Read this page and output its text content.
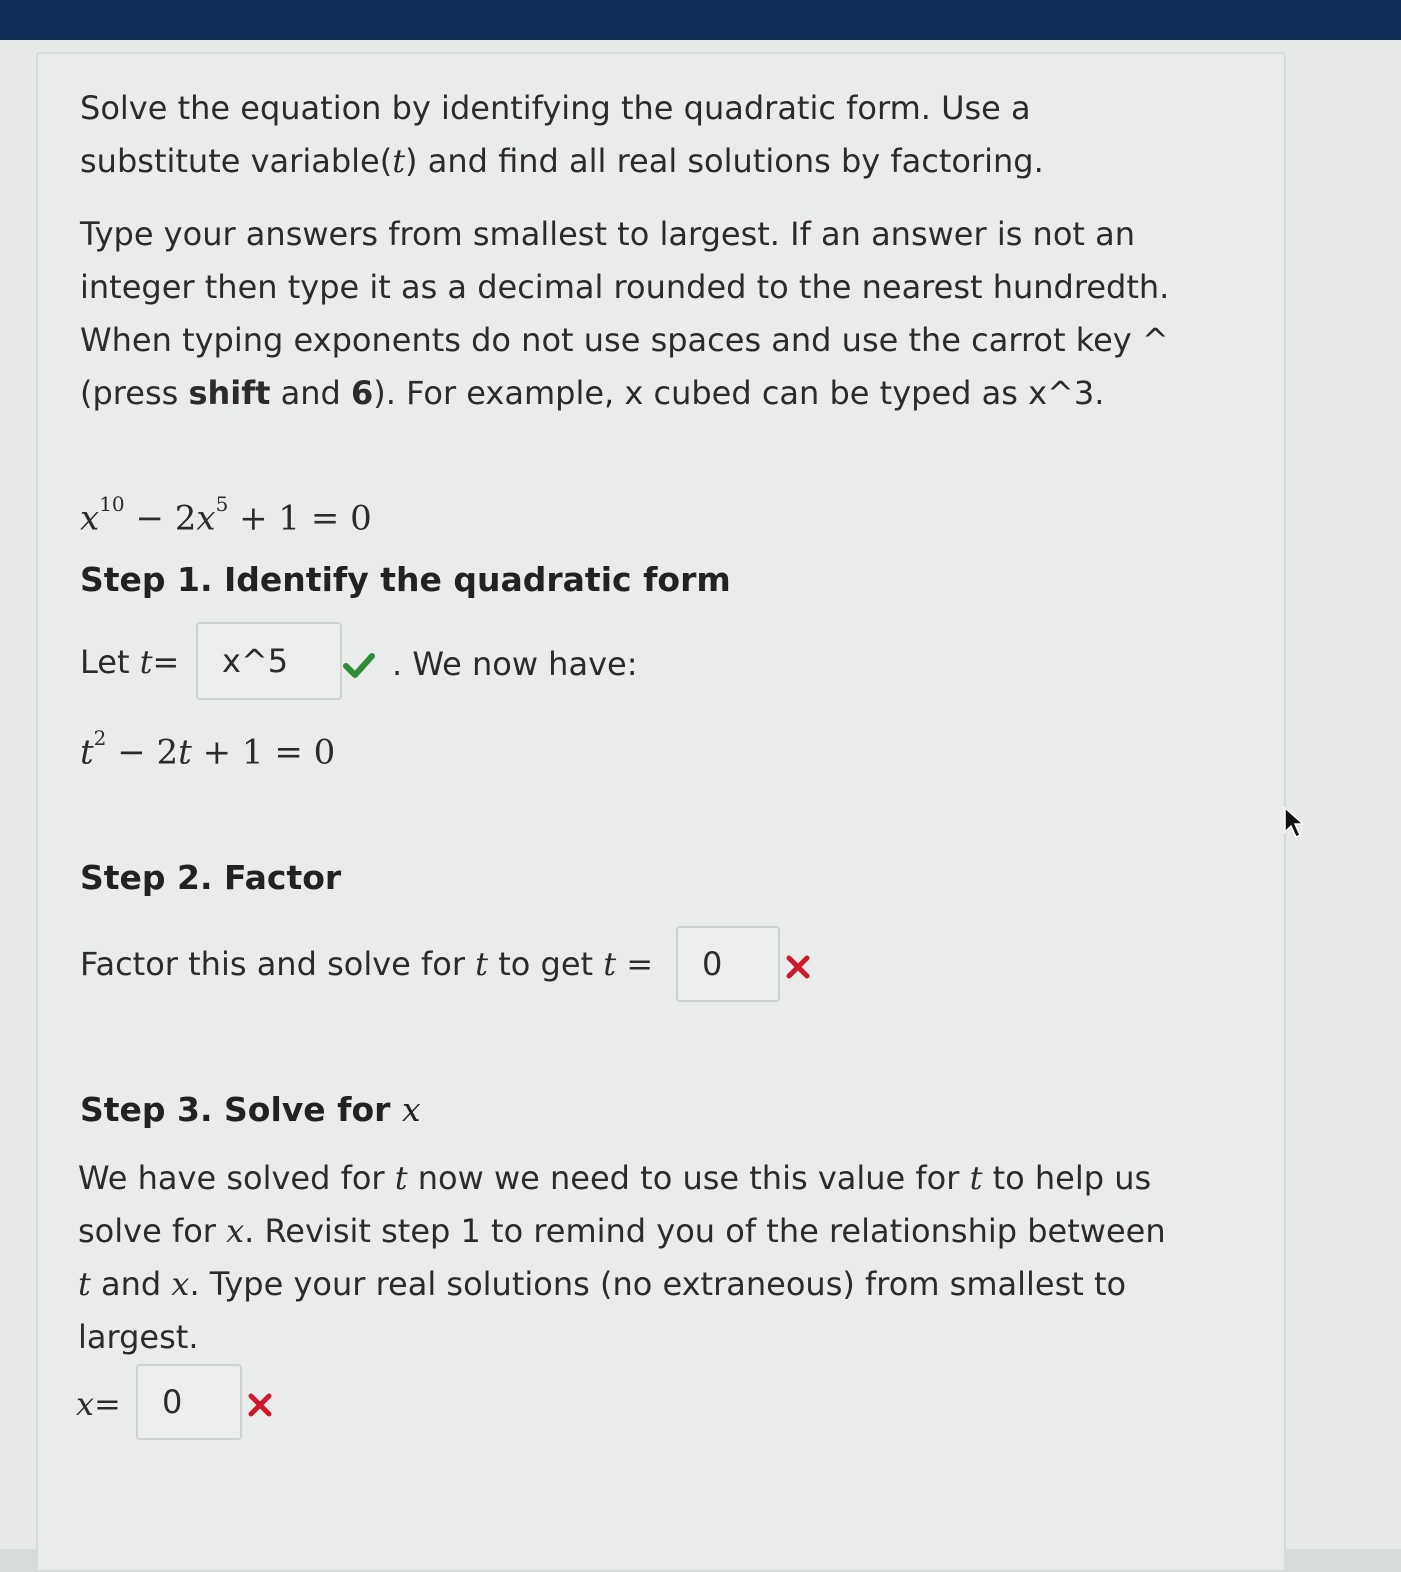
Solve the equation by identifying the quadratic form. Use a
substitute variable(t) and find all real solutions by factoring.
Type your answers from smallest to largest. If an answer is not an
integer then type it as a decimal rounded to the nearest hundredth.
When typing exponents do not use spaces and use the carrot key ^
(press shift and 6). For example, x cubed can be typed as x^3.
$x^{10} - 2x^5 + 1 = 0$
Step 1. Identify the quadratic form
Let t=	x^5	. We now have:
$t^2 - 2t + 1 = 0$
Step 2. Factor
Factor this and solve for t to get t =	0
Step 3. Solve for x
We have solved for t now we need to use this value for t to help us
solve for x. Revisit step 1 to remind you of the relationship between
t and x. Type your real solutions (no extraneous) from smallest to
largest.
x=	0
